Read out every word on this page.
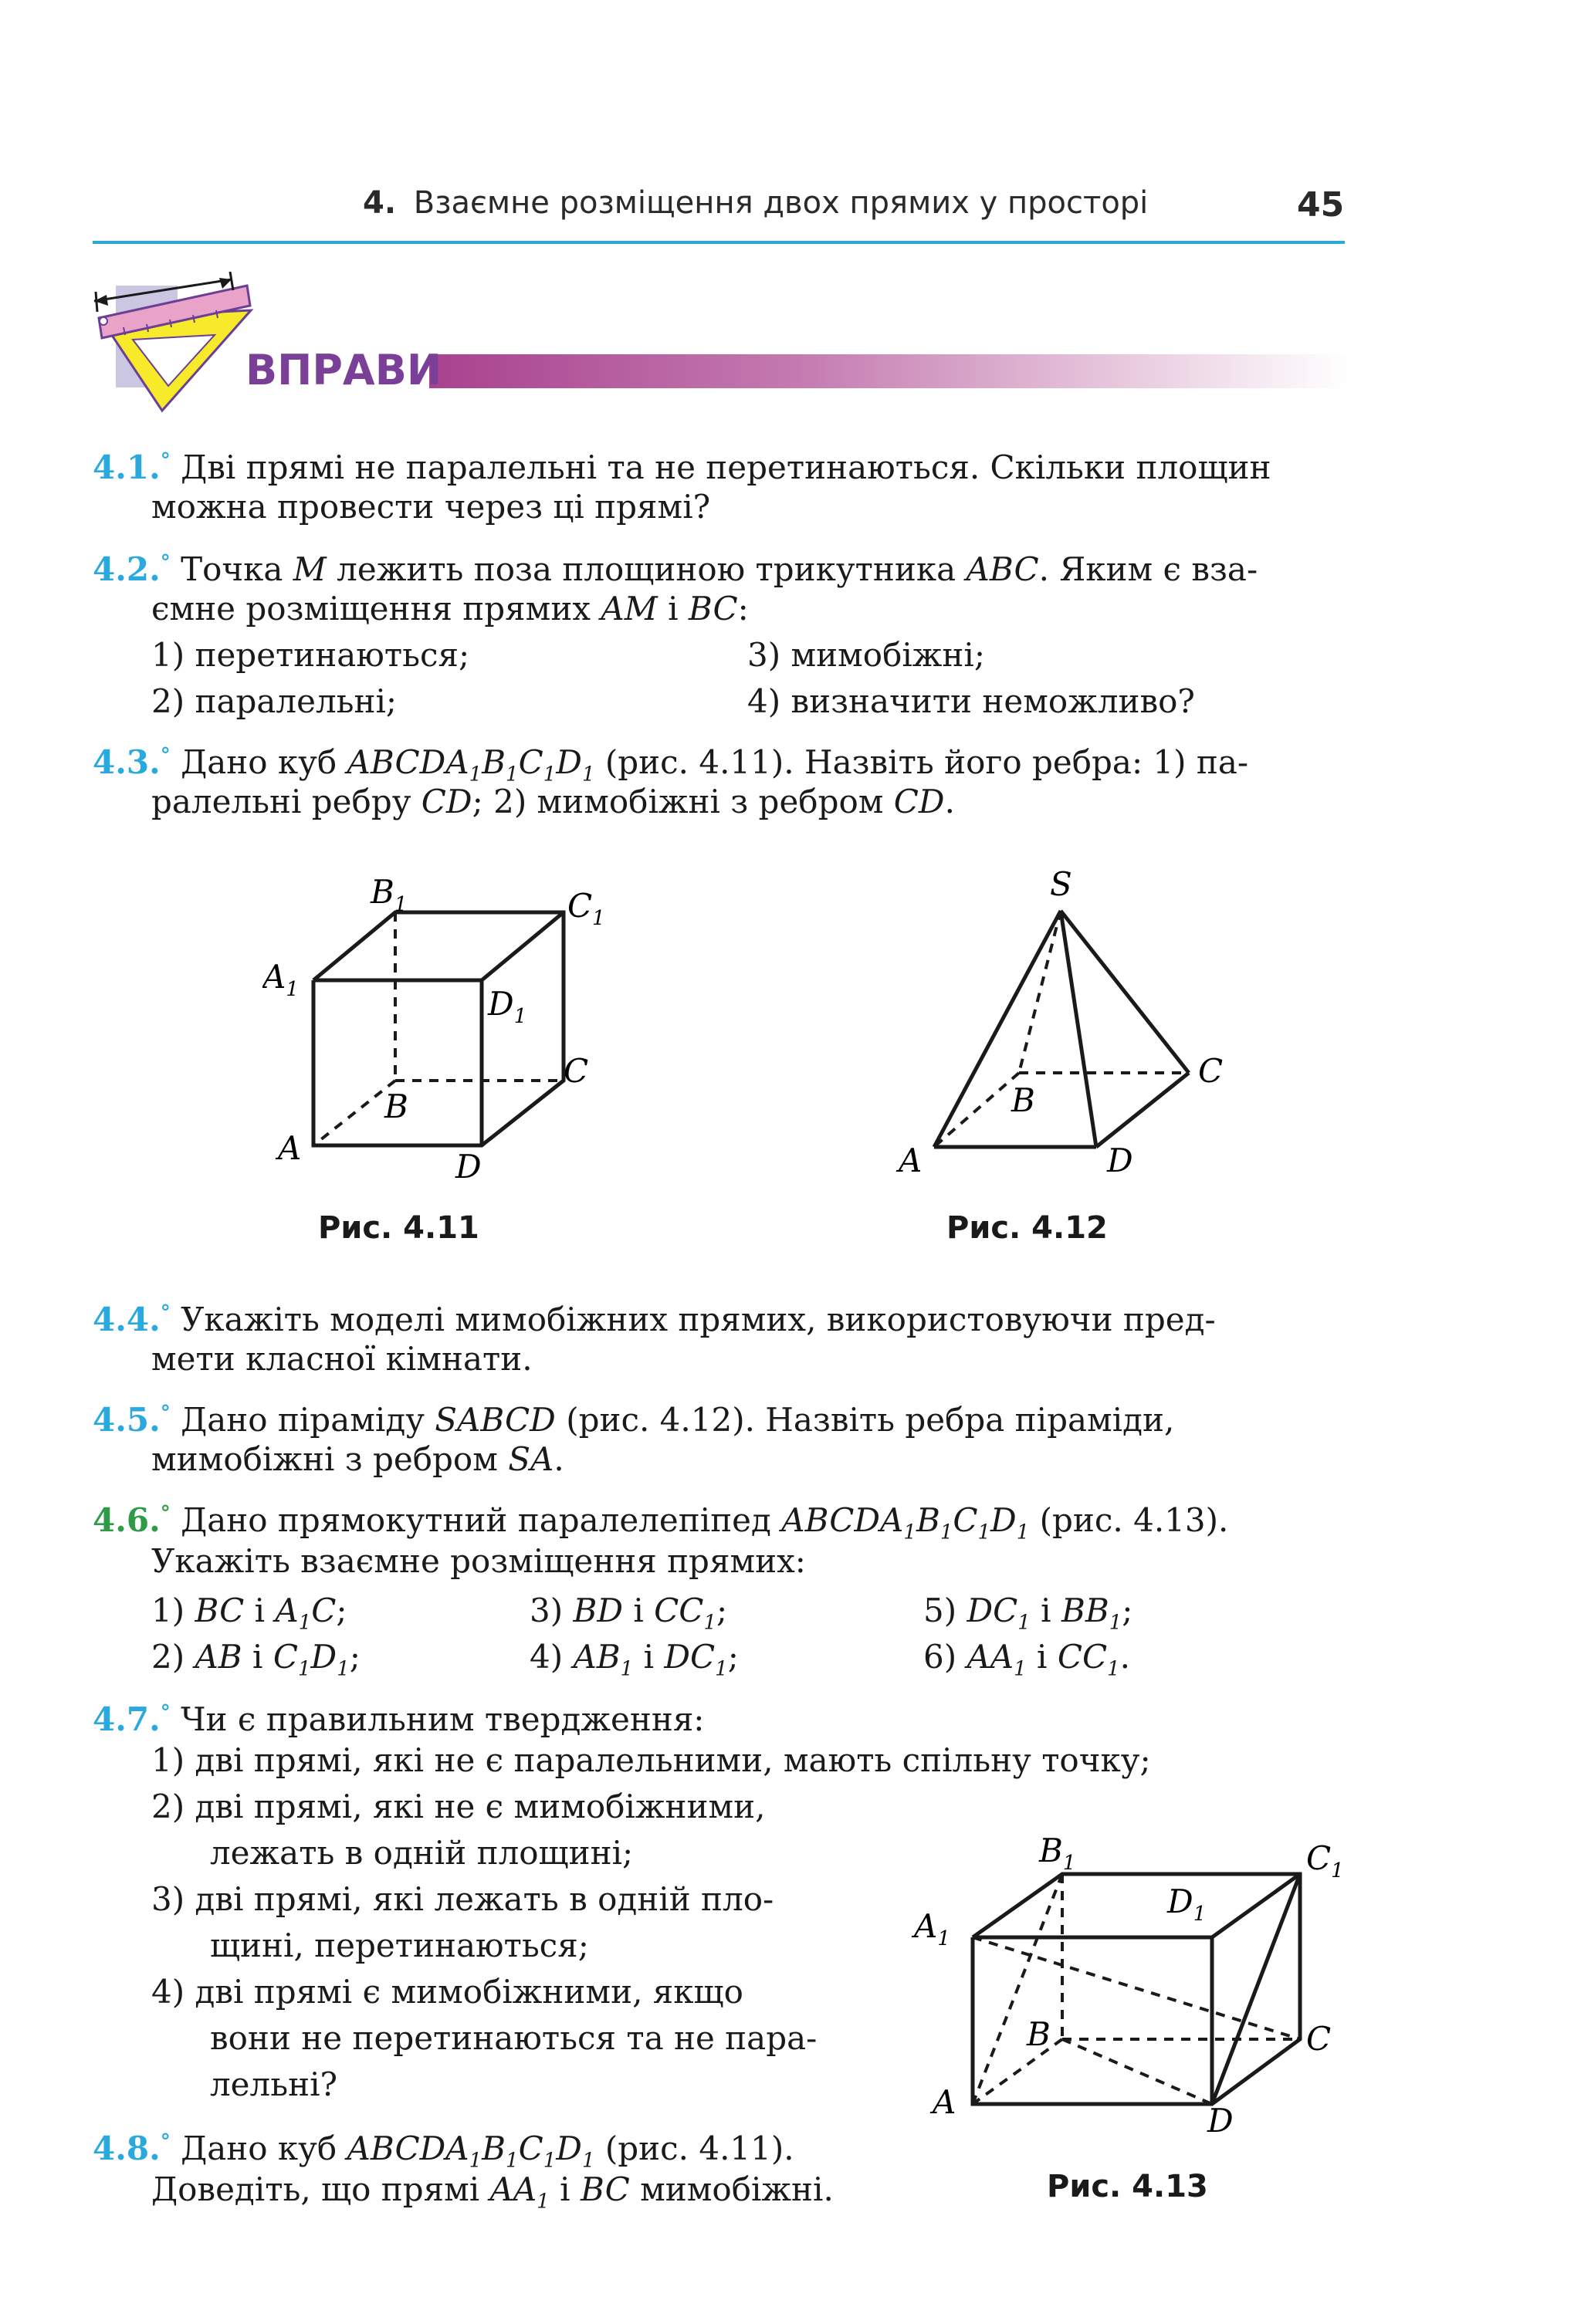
4. Взаємне розміщення двох прямих у просторі	45
ВПРАВИ
4.1.° Дві прямі не паралельні та не перетинаються. Скільки площин
можна провести через ці прямі?
4.2.° Точка M лежить поза площиною трикутника ABC. Яким є вза-
ємне розміщення прямих AM і BC:
1) перетинаються;	3) мимобіжні;
2) паралельні;	4) визначити неможливо?
4.3.° Дано куб $ABCDA_1B_1C_1D_1$ (рис. 4.11). Назвіть його ребра: 1) па-
ралельні ребру CD; 2) мимобіжні з ребром CD.
$B_1$	$C_1$
$A_1$	$D_1$
B
C
A	D
Рис. 4.11
S
B
C
A	D
Рис. 4.12
4.4.° Укажіть моделі мимобіжних прямих, використовуючи пред-
мети класної кімнати.
4.5.° Дано піраміду SABCD (рис. 4.12). Назвіть ребра піраміди,
мимобіжні з ребром SA.
4.6.° Дано прямокутний паралелепіпед $ABCDA_1B_1C_1D_1$ (рис. 4.13).
Укажіть взаємне розміщення прямих:
1) BC і $A_1C$;	3) BD і $CC_1$;	5) $DC_1$ і $BB_1$;
2) AB і $C_1D_1$;	4) $AB_1$ і $DC_1$;	6) $AA_1$ і $CC_1$.
4.7.° Чи є правильним твердження:
1) дві прямі, які не є паралельними, мають спільну точку;
2) дві прямі, які не є мимобіжними,
лежать в одній площині;
3) дві прямі, які лежать в одній пло-
щині, перетинаються;
4) дві прямі є мимобіжними, якщо
вони не перетинаються та не пара-
лельні?
4.8.° Дано куб $ABCDA_1B_1C_1D_1$ (рис. 4.11).
Доведіть, що прямі $AA_1$ і BC мимобіжні.
$B_1$	$C_1$
$A_1$
$D_1$
B	C
A	D
Рис. 4.13
